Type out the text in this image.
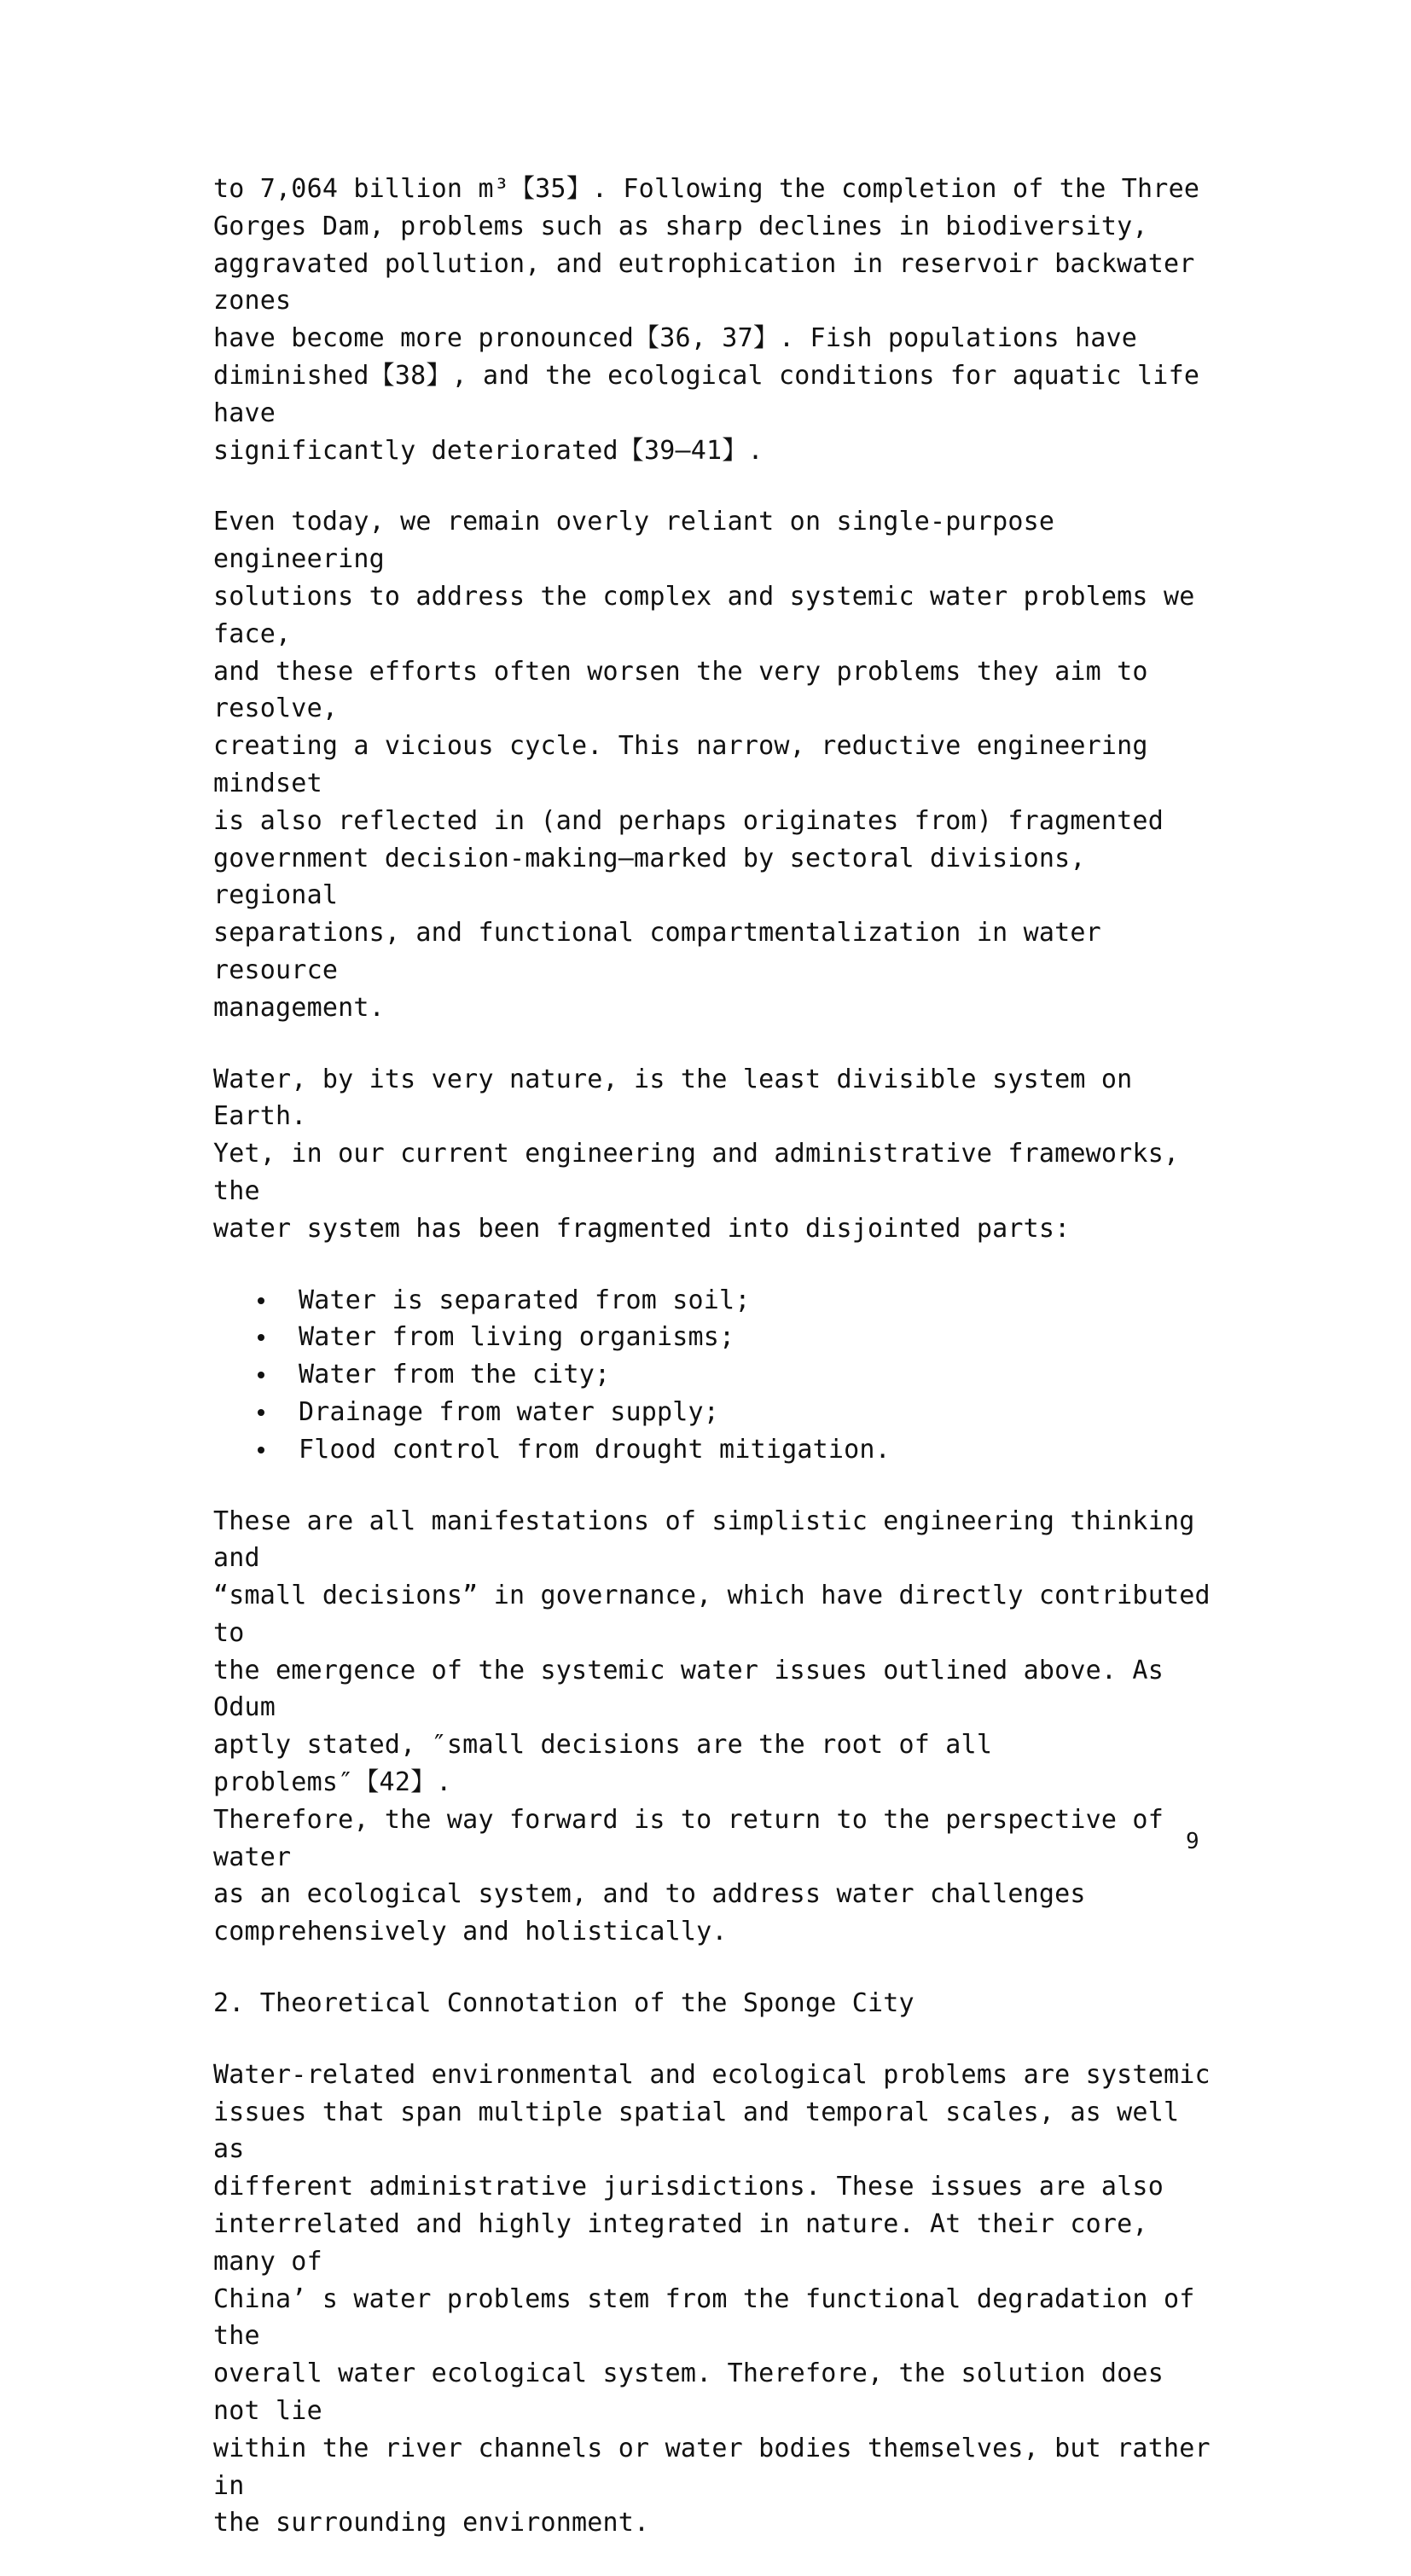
to 7,064 billion m³【35】. Following the completion of the Three
Gorges Dam, problems such as sharp declines in biodiversity,
aggravated pollution, and eutrophication in reservoir backwater zones
have become more pronounced【36, 37】. Fish populations have
diminished【38】, and the ecological conditions for aquatic life have
significantly deteriorated【39–41】.

Even today, we remain overly reliant on single-purpose engineering
solutions to address the complex and systemic water problems we face,
and these efforts often worsen the very problems they aim to resolve,
creating a vicious cycle. This narrow, reductive engineering mindset
is also reflected in (and perhaps originates from) fragmented
government decision-making—marked by sectoral divisions, regional
separations, and functional compartmentalization in water resource
management.

Water, by its very nature, is the least divisible system on Earth.
Yet, in our current engineering and administrative frameworks, the
water system has been fragmented into disjointed parts:

Water is separated from soil;
Water from living organisms;
Water from the city;
Drainage from water supply;
Flood control from drought mitigation.

These are all manifestations of simplistic engineering thinking and
“small decisions” in governance, which have directly contributed to
the emergence of the systemic water issues outlined above. As Odum
aptly stated, ″small decisions are the root of all problems″【42】.
Therefore, the way forward is to return to the perspective of water
as an ecological system, and to address water challenges
comprehensively and holistically.

2. Theoretical Connotation of the Sponge City

Water-related environmental and ecological problems are systemic
issues that span multiple spatial and temporal scales, as well as
different administrative jurisdictions. These issues are also
interrelated and highly integrated in nature. At their core, many of
China’ s water problems stem from the functional degradation of the
overall water ecological system. Therefore, the solution does not lie
within the river channels or water bodies themselves, but rather in
the surrounding environment.

9
